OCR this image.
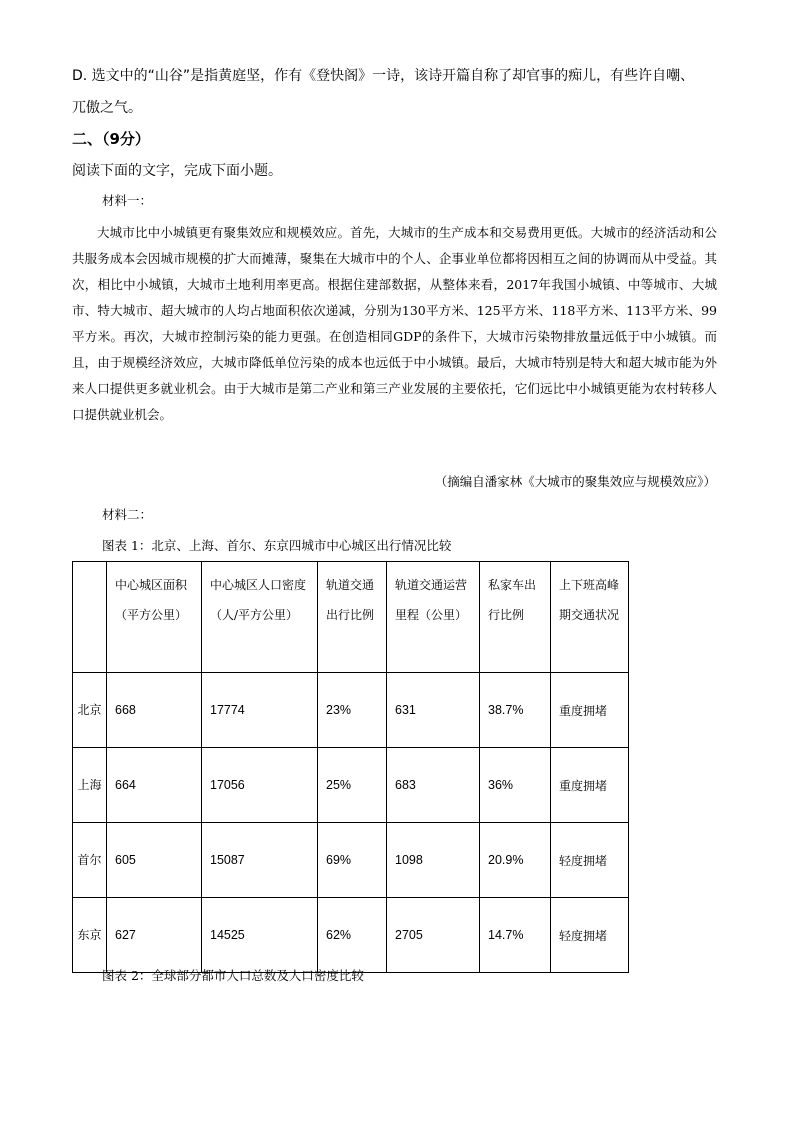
D. 选文中的“山谷”是指黄庭坚，作有《登快阁》一诗，该诗开篇自称了却官事的痴儿，有些许自嘲、
兀傲之气。
二、（9分）
阅读下面的文字，完成下面小题。
材料一：

大城市比中小城镇更有聚集效应和规模效应。首先，大城市的生产成本和交易费用更低。大城市的经济活动和公共服务成本会因城市规模的扩大而摊薄，聚集在大城市中的个人、企事业单位都将因相互之间的协调而从中受益。其次，相比中小城镇，大城市土地利用率更高。根据住建部数据，从整体来看，2017年我国小城镇、中等城市、大城市、特大城市、超大城市的人均占地面积依次递减，分别为130平方米、125平方米、118平方米、113平方米、99平方米。再次，大城市控制污染的能力更强。在创造相同GDP的条件下，大城市污染物排放量远低于中小城镇。而且，由于规模经济效应，大城市降低单位污染的成本也远低于中小城镇。最后，大城市特别是特大和超大城市能为外来人口提供更多就业机会。由于大城市是第二产业和第三产业发展的主要依托，它们远比中小城镇更能为农村转移人口提供就业机会。

（摘编自潘家林《大城市的聚集效应与规模效应》）
材料二：
图表 1：北京、上海、首尔、东京四城市中心城区出行情况比较
	中心城区面积（平方公里）	中心城区人口密度（人/平方公里）	轨道交通出行比例	轨道交通运营里程（公里）	私家车出行比例	上下班高峰期交通状况
北京	668	17774	23%	631	38.7%	重度拥堵
上海	664	17056	25%	683	36%	重度拥堵
首尔	605	15087	69%	1098	20.9%	轻度拥堵
东京	627	14525	62%	2705	14.7%	轻度拥堵
图表 2：全球部分都市人口总数及人口密度比较
